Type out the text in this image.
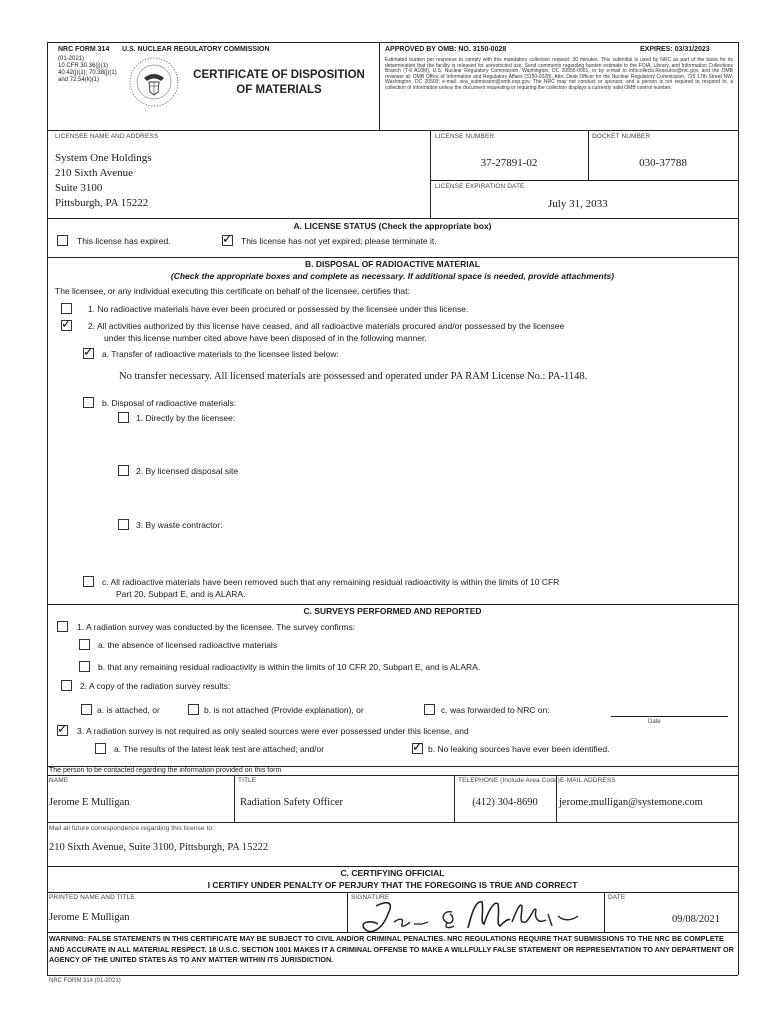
NRC FORM 314 U.S. NUCLEAR REGULATORY COMMISSION
(01-2021)
10 CFR 30.36(j)(1)
40.42(j)(1); 70.38(j)(1)
and 72.54(k)(1)	CERTIFICATE OF DISPOSITION
OF MATERIALS
APPROVED BY OMB: NO. 3150-0028	EXPIRES: 03/31/2023
Estimated burden per response to comply with this mandatory collection request: 30 minutes. This submittal is used by NRC as part of the basis for its determination that the facility is released for unrestricted use. Send comments regarding burden estimate to the FOIA, Library, and Information Collections Branch (T-6 A10M), U.S. Nuclear Regulatory Commission, Washington, DC 20555-0001, or by e-mail to Infocollects.Resource@nrc.gov, and the OMB reviewer at: OMB Office of Information and Regulatory Affairs (3150-0028), Attn: Desk Officer for the Nuclear Regulatory Commission, 725 17th Street NW, Washington, DC 20503; e-mail: oira_submission@omb.eop.gov. The NRC may not conduct or sponsor, and a person is not required to respond to, a collection of information unless the document requesting or requiring the collection displays a currently valid OMB control number.
LICENSEE NAME AND ADDRESS
System One Holdings
210 Sixth Avenue
Suite 3100
Pittsburgh, PA 15222
LICENSE NUMBER
37-27891-02
DOCKET NUMBER
030-37788
LICENSE EXPIRATION DATE
July 31, 2033
A. LICENSE STATUS (Check the appropriate box)
This license has expired.	✓ This license has not yet expired; please terminate it.
B. DISPOSAL OF RADIOACTIVE MATERIAL
(Check the appropriate boxes and complete as necessary. If additional space is needed, provide attachments)
The licensee, or any individual executing this certificate on behalf of the licensee, certifies that:
1. No radioactive materials have ever been procured or possessed by the licensee under this license.
✓ 2. All activities authorized by this license have ceased, and all radioactive materials procured and/or possessed by the licensee
under this license number cited above have been disposed of in the following manner.
✓ a. Transfer of radioactive materials to the licensee listed below:
No transfer necessary. All licensed materials are possessed and operated under PA RAM License No.: PA-1148.
b. Disposal of radioactive materials:
1. Directly by the licensee:
2. By licensed disposal site
3. By waste contractor:
c. All radioactive materials have been removed such that any remaining residual radioactivity is within the limits of 10 CFR
Part 20, Subpart E, and is ALARA.
C. SURVEYS PERFORMED AND REPORTED
1. A radiation survey was conducted by the licensee. The survey confirms:
a. the absence of licensed radioactive materials
b. that any remaining residual radioactivity is within the limits of 10 CFR 20, Subpart E, and is ALARA.
2. A copy of the radiation survey results:
a. is attached, or	b. is not attached (Provide explanation), or	c. was forwarded to NRC on:
Date
✓ 3. A radiation survey is not required as only sealed sources were ever possessed under this license, and
a. The results of the latest leak test are attached; and/or	✓ b. No leaking sources have ever been identified.
The person to be contacted regarding the information provided on this form
NAME
Jerome E Mulligan
TITLE
Radiation Safety Officer
TELEPHONE (Include Area Code)
(412) 304-8690
E-MAIL ADDRESS
jerome.mulligan@systemone.com
Mail all future correspondence regarding this license to:
210 Sixth Avenue, Suite 3100, Pittsburgh, PA 15222
C. CERTIFYING OFFICIAL
I CERTIFY UNDER PENALTY OF PERJURY THAT THE FOREGOING IS TRUE AND CORRECT
PRINTED NAME AND TITLE
Jerome E Mulligan
SIGNATURE	DATE
09/08/2021
WARNING: FALSE STATEMENTS IN THIS CERTIFICATE MAY BE SUBJECT TO CIVIL AND/OR CRIMINAL PENALTIES. NRC REGULATIONS REQUIRE THAT SUBMISSIONS TO THE NRC BE COMPLETE AND ACCURATE IN ALL MATERIAL RESPECT. 18 U.S.C. SECTION 1001 MAKES IT A CRIMINAL OFFENSE TO MAKE A WILLFULLY FALSE STATEMENT OR REPRESENTATION TO ANY DEPARTMENT OR AGENCY OF THE UNITED STATES AS TO ANY MATTER WITHIN ITS JURISDICTION.
NRC FORM 314 (01-2021)
